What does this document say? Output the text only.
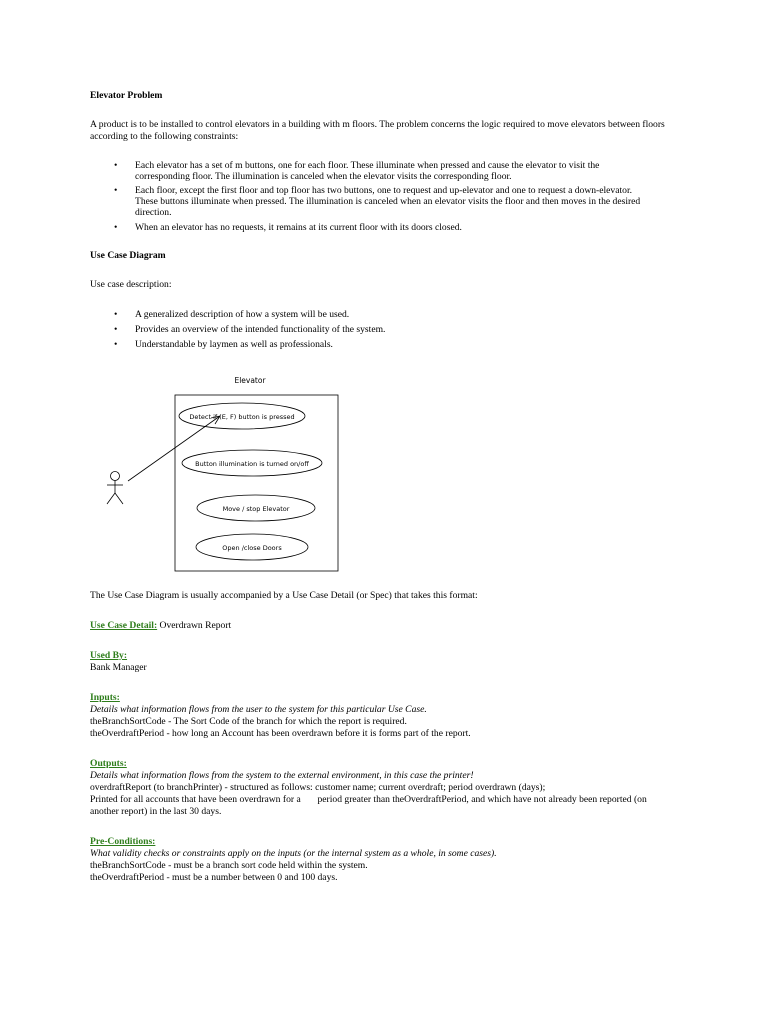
Elevator Problem

A product is to be installed to control elevators in a building with m floors. The problem concerns the logic required to move elevators between floors according to the following constraints:

• Each elevator has a set of m buttons, one for each floor. These illuminate when pressed and cause the elevator to visit the
corresponding floor. The illumination is canceled when the elevator visits the corresponding floor.
• Each floor, except the first floor and top floor has two buttons, one to request and up-elevator and one to request a down-elevator.
These buttons illuminate when pressed. The illumination is canceled when an elevator visits the floor and then moves in the desired
direction.
• When an elevator has no requests, it remains at its current floor with its doors closed.

Use Case Diagram

Use case description:

• A generalized description of how a system will be used.
• Provides an overview of the intended functionality of the system.
• Understandable by laymen as well as professionals.
Elevator
Detect if (E, F) button is pressed
Button illumination is turned on/off
Move / stop Elevator
Open /close Doors

The Use Case Diagram is usually accompanied by a Use Case Detail (or Spec) that takes this format:

Use Case Detail: Overdrawn Report

Used By:

Bank Manager

Inputs:

Details what information flows from the user to the system for this particular Use Case.

theBranchSortCode - The Sort Code of the branch for which the report is required.

theOverdraftPeriod - how long an Account has been overdrawn before it is forms part of the report.

Outputs:

Details what information flows from the system to the external environment, in this case the printer!

overdraftReport (to branchPrinter) - structured as follows: customer name; current overdraft; period overdrawn (days);

Printed for all accounts that have been overdrawn for a       period greater than theOverdraftPeriod, and which have not already been reported (on

another report) in the last 30 days.

Pre-Conditions:

What validity checks or constraints apply on the inputs (or the internal system as a whole, in some cases).

theBranchSortCode - must be a branch sort code held within the system.

theOverdraftPeriod - must be a number between 0 and 100 days.
